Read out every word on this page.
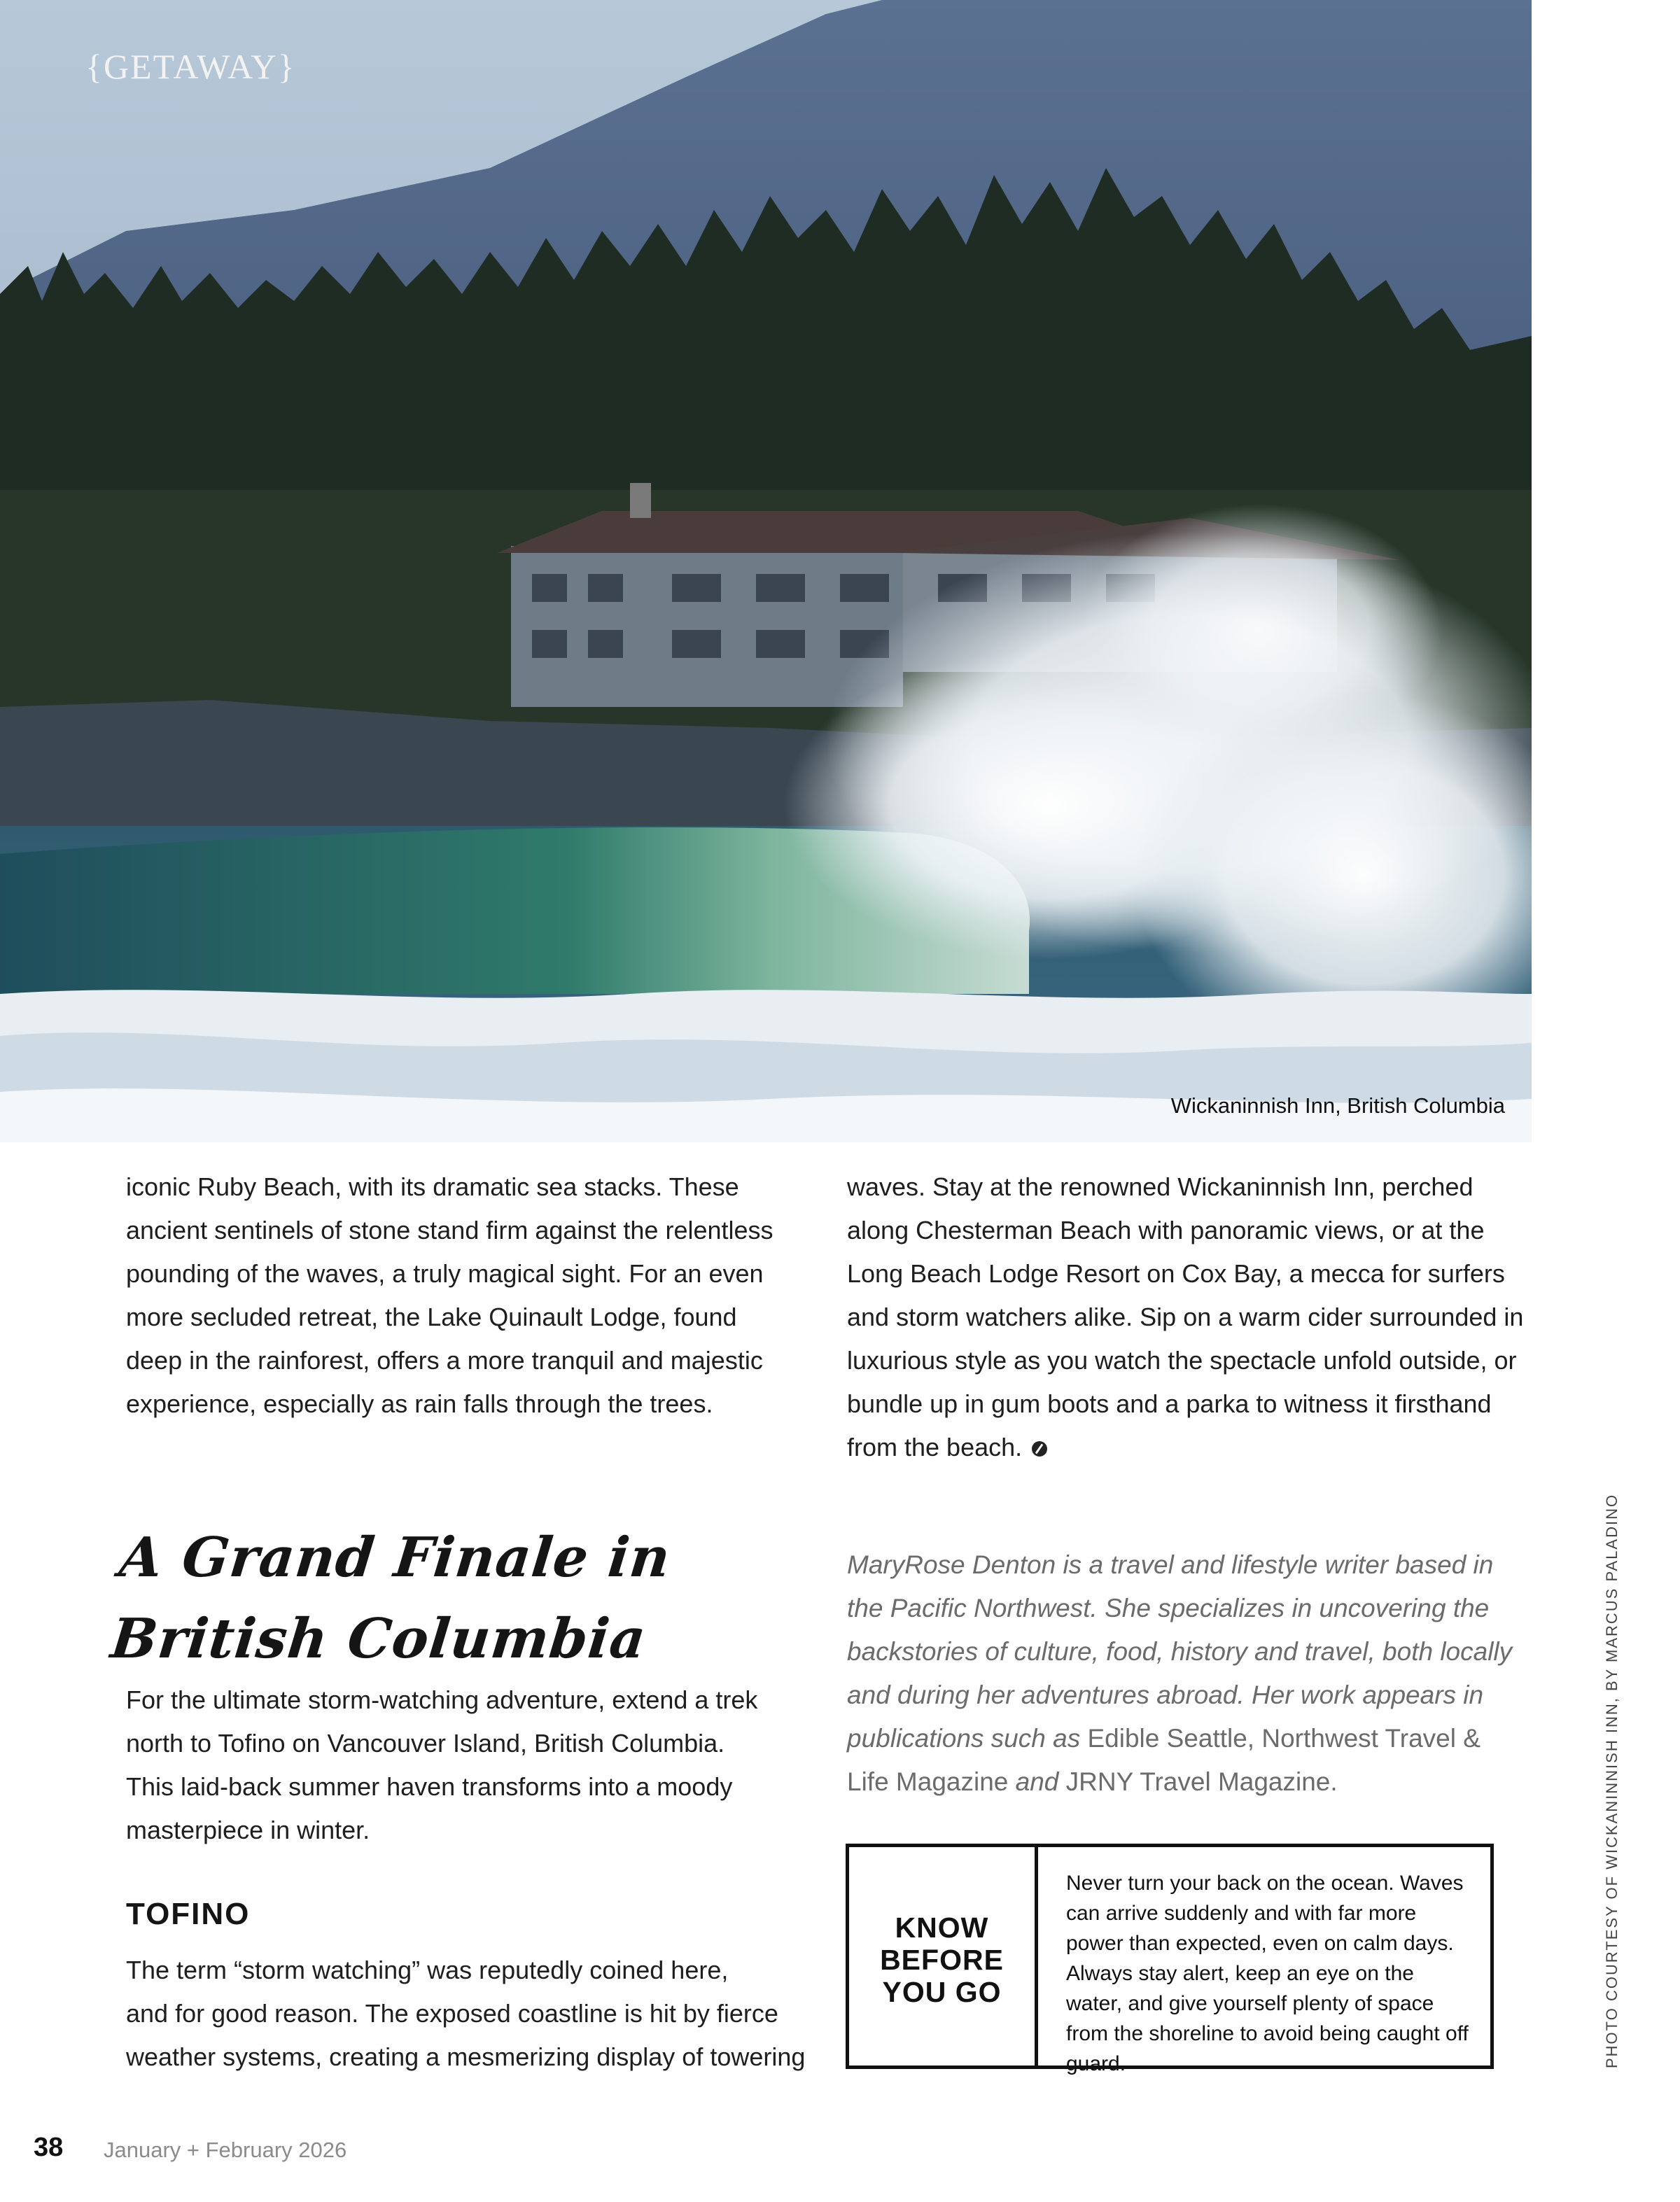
{GETAWAY}
Wickaninnish Inn, British Columbia
iconic Ruby Beach, with its dramatic sea stacks. These
ancient sentinels of stone stand firm against the relentless
pounding of the waves, a truly magical sight. For an even
more secluded retreat, the Lake Quinault Lodge, found
deep in the rainforest, offers a more tranquil and majestic
experience, especially as rain falls through the trees.
waves. Stay at the renowned Wickaninnish Inn, perched
along Chesterman Beach with panoramic views, or at the
Long Beach Lodge Resort on Cox Bay, a mecca for surfers
and storm watchers alike. Sip on a warm cider surrounded in
luxurious style as you watch the spectacle unfold outside, or
bundle up in gum boots and a parka to witness it firsthand
from the beach.
A Grand Finale in
British Columbia
For the ultimate storm-watching adventure, extend a trek
north to Tofino on Vancouver Island, British Columbia.
This laid-back summer haven transforms into a moody
masterpiece in winter.
TOFINO
The term “storm watching” was reputedly coined here,
and for good reason. The exposed coastline is hit by fierce
weather systems, creating a mesmerizing display of towering
MaryRose Denton is a travel and lifestyle writer based in
the Pacific Northwest. She specializes in uncovering the
backstories of culture, food, history and travel, both locally
and during her adventures abroad. Her work appears in
publications such as Edible Seattle, Northwest Travel &
Life Magazine and JRNY Travel Magazine.
KNOW
BEFORE
YOU GO
Never turn your back on the ocean. Waves can arrive suddenly and with far more power than expected, even on calm days. Always stay alert, keep an eye on the water, and give yourself plenty of space from the shoreline to avoid being caught off guard.	PHOTO COURTESY OF WICKANINNISH INN, BY MARCUS PALADINO
38 January + February 2026
